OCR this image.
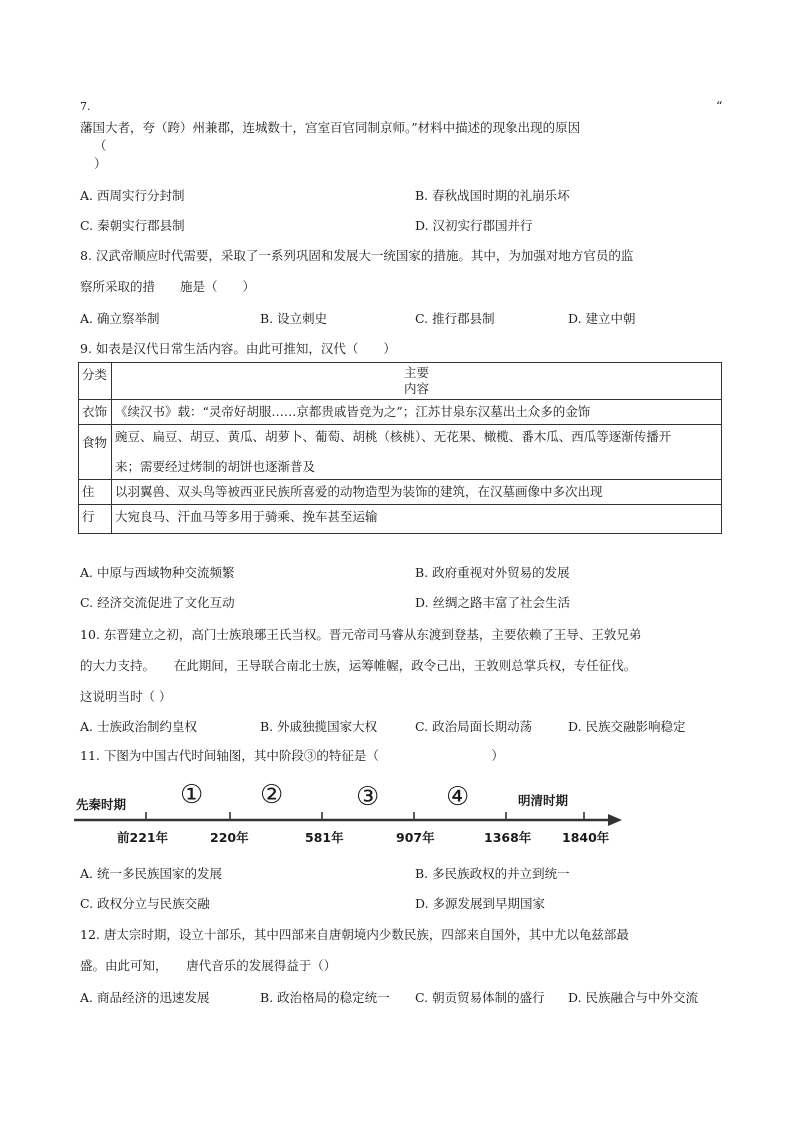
7.	“
藩国大者，夸（跨）州兼郡，连城数十，宫室百官同制京师。”材料中描述的现象出现的原因
（
）
A. 西周实行分封制	B. 春秋战国时期的礼崩乐坏
C. 秦朝实行郡县制	D. 汉初实行郡国并行
8. 汉武帝顺应时代需要，采取了一系列巩固和发展大一统国家的措施。其中，为加强对地方官员的监
察所采取的措　　施是（　　）
A. 确立察举制	B. 设立刺史	C. 推行郡县制	D. 建立中朝
9. 如表是汉代日常生活内容。由此可推知，汉代（　　）
分类	主要
内容

衣饰	《续汉书》载：“灵帝好胡服……京都贵戚皆竞为之”；江苏甘泉东汉墓出土众多的金饰
食物	豌豆、扁豆、胡豆、黄瓜、胡萝卜、葡萄、胡桃（核桃）、无花果、橄榄、番木瓜、西瓜等逐渐传播开
来；需要经过烤制的胡饼也逐渐普及

住	以羽翼兽、双头鸟等被西亚民族所喜爱的动物造型为装饰的建筑，在汉墓画像中多次出现
行	大宛良马、汗血马等多用于骑乘、挽车甚至运输
A. 中原与西域物种交流频繁	B. 政府重视对外贸易的发展
C. 经济交流促进了文化互动	D. 丝绸之路丰富了社会生活
10. 东晋建立之初，高门士族琅琊王氏当权。晋元帝司马睿从东渡到登基，主要依赖了王导、王敦兄弟
的大力支持。　　在此期间，王导联合南北士族，运筹帷幄，政令己出，王敦则总掌兵权，专任征伐。
这说明当时（ ）
A. 士族政治制约皇权	B. 外戚独揽国家大权	C. 政治局面长期动荡	D. 民族交融影响稳定
11. 下图为中国古代时间轴图，其中阶段③的特征是（　　　　　　　　　）
先秦时期	明清时期
① ②	③	④
前221年	220年	581年	907年	1368年 1840年
A. 统一多民族国家的发展	B. 多民族政权的并立到统一
C. 政权分立与民族交融	D. 多源发展到早期国家
12. 唐太宗时期，设立十部乐，其中四部来自唐朝境内少数民族，四部来自国外，其中尤以龟兹部最
盛。由此可知，　　唐代音乐的发展得益于（）
A. 商品经济的迅速发展	B. 政治格局的稳定统一 C. 朝贡贸易体制的盛行 D. 民族融合与中外交流
